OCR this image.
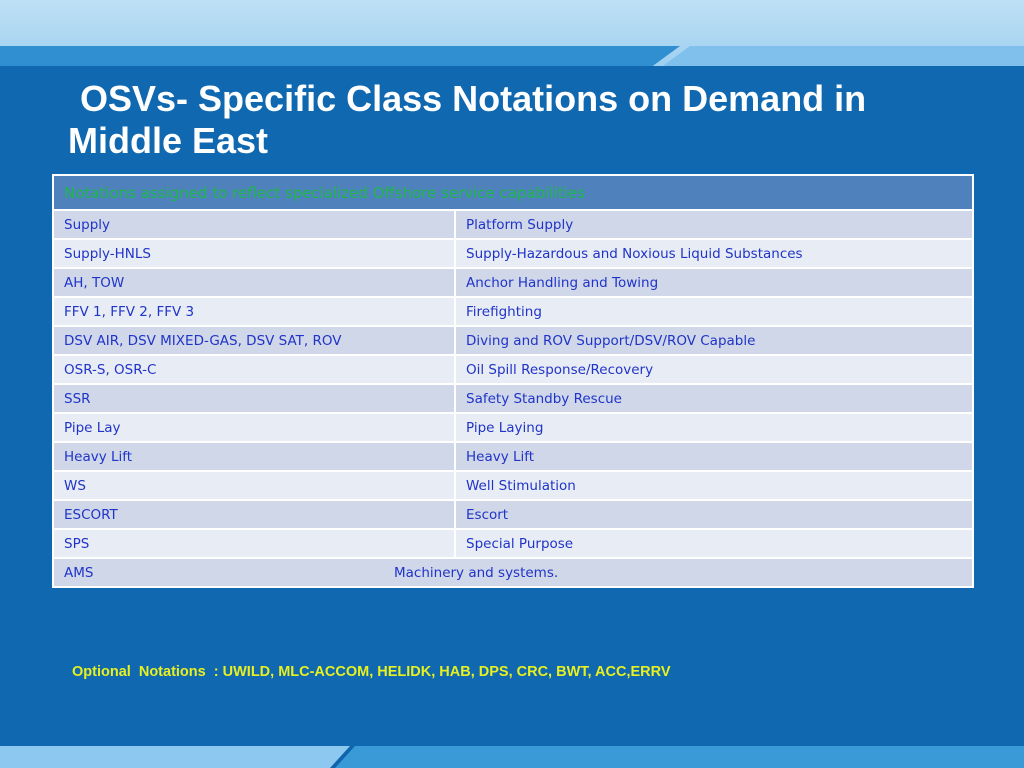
OSVs- Specific Class Notations on Demand in
Middle East
Notations assigned to reflect specialized Offshore service capabilities	
Supply	Platform Supply
Supply-HNLS	Supply-Hazardous and Noxious Liquid Substances
AH, TOW	Anchor Handling and Towing
FFV 1, FFV 2, FFV 3	Firefighting
DSV AIR, DSV MIXED-GAS, DSV SAT, ROV	Diving and ROV Support/DSV/ROV Capable
OSR-S, OSR-C	Oil Spill Response/Recovery
SSR	Safety Standby Rescue
Pipe Lay	Pipe Laying
Heavy Lift	Heavy Lift
WS	Well Stimulation
ESCORT	Escort
SPS	Special Purpose

AMS Machinery and systems.	
Optional  Notations  : UWILD, MLC-ACCOM, HELIDK, HAB, DPS, CRC, BWT, ACC,ERRV
